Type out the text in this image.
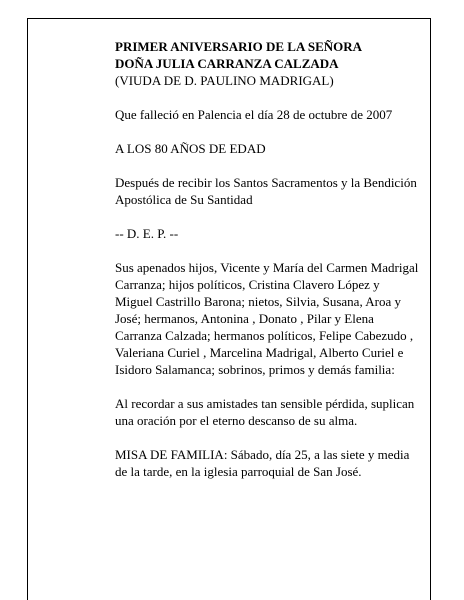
PRIMER ANIVERSARIO DE LA SEÑORA

DOÑA JULIA CARRANZA CALZADA

(VIUDA DE D. PAULINO MADRIGAL)

Que falleció en Palencia el día 28 de octubre de 2007

A LOS 80 AÑOS DE EDAD

Después de recibir los Santos Sacramentos y la Bendición Apostólica de Su Santidad

-- D. E. P. --

Sus apenados hijos, Vicente y María del Carmen Madrigal Carranza; hijos políticos, Cristina Clavero López y Miguel Castrillo Barona; nietos, Silvia, Susana, Aroa y José; hermanos, Antonina , Donato , Pilar y Elena Carranza Calzada; hermanos políticos, Felipe Cabezudo , Valeriana Curiel , Marcelina Madrigal, Alberto Curiel e Isidoro Salamanca; sobrinos, primos y demás familia:

Al recordar a sus amistades tan sensible pérdida, suplican una oración por el eterno descanso de su alma.

MISA DE FAMILIA: Sábado, día 25, a las siete y media de la tarde, en la iglesia parroquial de San José.
